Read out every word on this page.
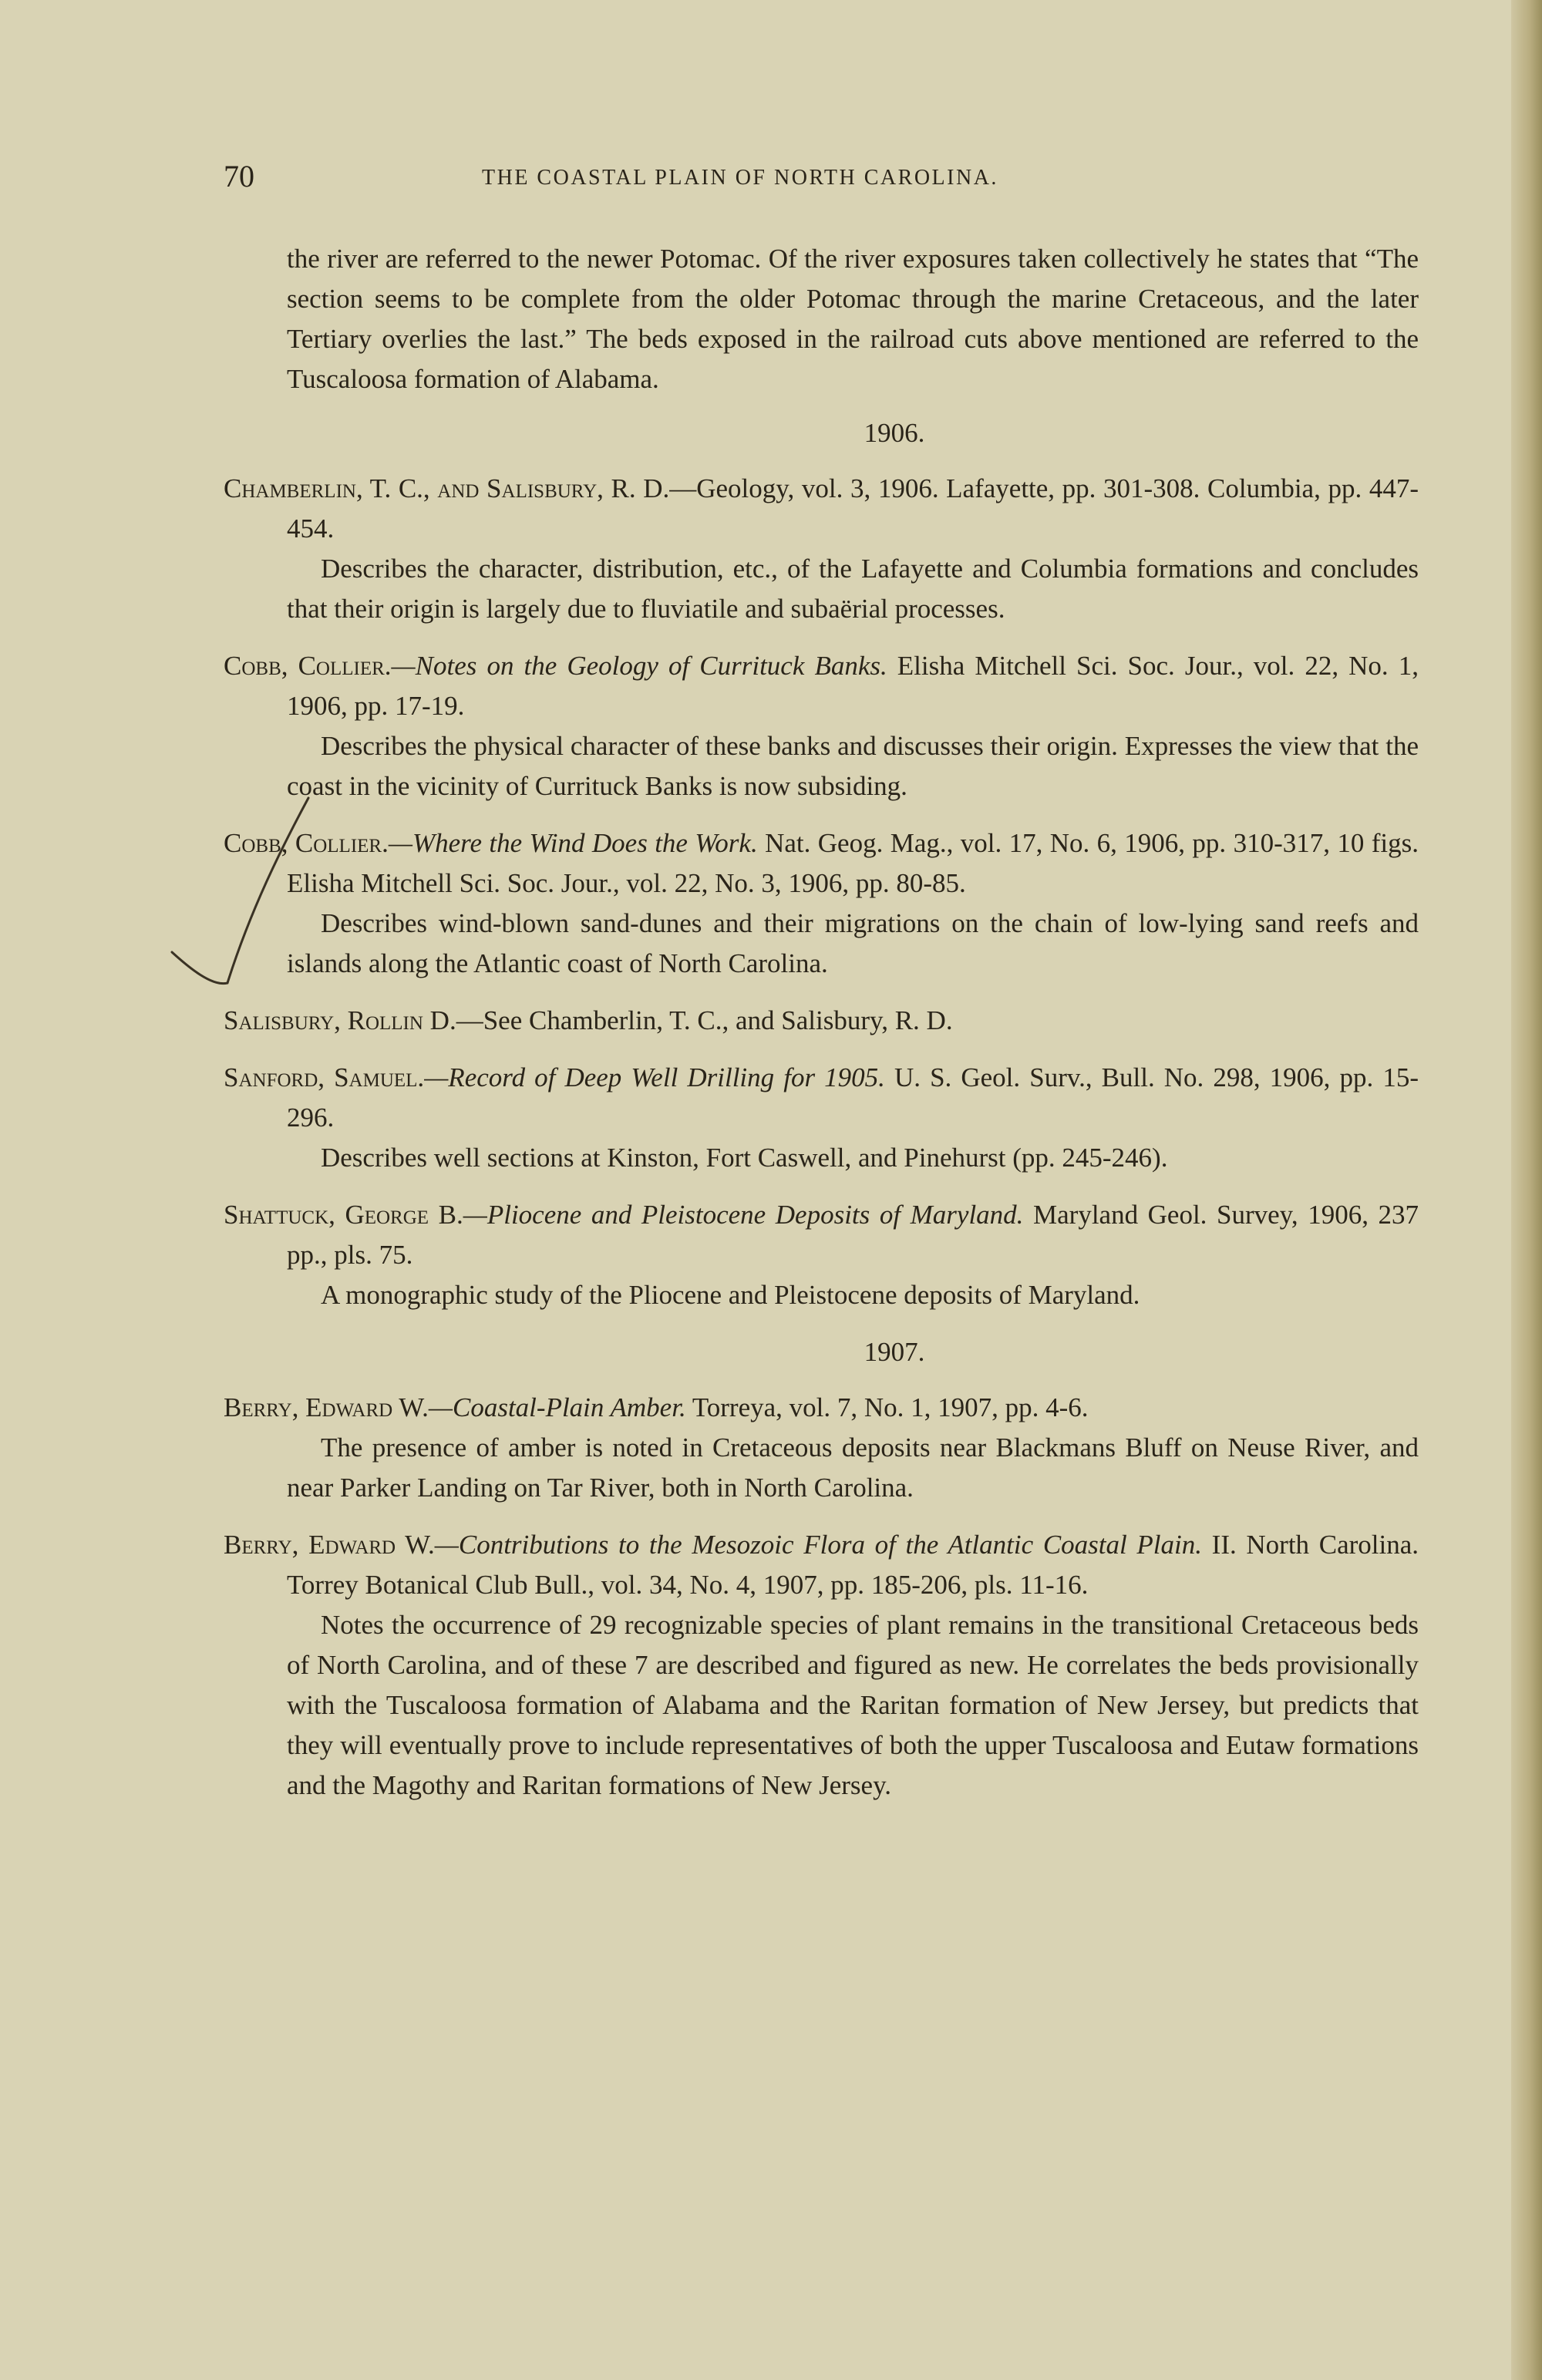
70	THE COASTAL PLAIN OF NORTH CAROLINA.

the river are referred to the newer Potomac. Of the river exposures taken collectively he states that “The section seems to be complete from the older Potomac through the marine Cretaceous, and the later Tertiary overlies the last.” The beds exposed in the railroad cuts above mentioned are referred to the Tuscaloosa formation of Alabama.

1906.

Chamberlin, T. C., and Salisbury, R. D.—Geology, vol. 3, 1906. Lafayette, pp. 301-308. Columbia, pp. 447-454.

Describes the character, distribution, etc., of the Lafayette and Columbia formations and concludes that their origin is largely due to fluviatile and subaërial processes.

Cobb, Collier.—Notes on the Geology of Currituck Banks. Elisha Mitchell Sci. Soc. Jour., vol. 22, No. 1, 1906, pp. 17-19.

Describes the physical character of these banks and discusses their origin. Expresses the view that the coast in the vicinity of Currituck Banks is now subsiding.

Cobb, Collier.—Where the Wind Does the Work. Nat. Geog. Mag., vol. 17, No. 6, 1906, pp. 310-317, 10 figs. Elisha Mitchell Sci. Soc. Jour., vol. 22, No. 3, 1906, pp. 80-85.

Describes wind-blown sand-dunes and their migrations on the chain of low-lying sand reefs and islands along the Atlantic coast of North Carolina.

Salisbury, Rollin D.—See Chamberlin, T. C., and Salisbury, R. D.

Sanford, Samuel.—Record of Deep Well Drilling for 1905. U. S. Geol. Surv., Bull. No. 298, 1906, pp. 15-296.

Describes well sections at Kinston, Fort Caswell, and Pinehurst (pp. 245-246).

Shattuck, George B.—Pliocene and Pleistocene Deposits of Maryland. Maryland Geol. Survey, 1906, 237 pp., pls. 75.

A monographic study of the Pliocene and Pleistocene deposits of Maryland.

1907.

Berry, Edward W.—Coastal-Plain Amber. Torreya, vol. 7, No. 1, 1907, pp. 4-6.

The presence of amber is noted in Cretaceous deposits near Blackmans Bluff on Neuse River, and near Parker Landing on Tar River, both in North Carolina.

Berry, Edward W.—Contributions to the Mesozoic Flora of the Atlantic Coastal Plain. II. North Carolina. Torrey Botanical Club Bull., vol. 34, No. 4, 1907, pp. 185-206, pls. 11-16.

Notes the occurrence of 29 recognizable species of plant remains in the transitional Cretaceous beds of North Carolina, and of these 7 are described and figured as new. He correlates the beds provisionally with the Tuscaloosa formation of Alabama and the Raritan formation of New Jersey, but predicts that they will eventually prove to include representatives of both the upper Tuscaloosa and Eutaw formations and the Magothy and Raritan formations of New Jersey.
